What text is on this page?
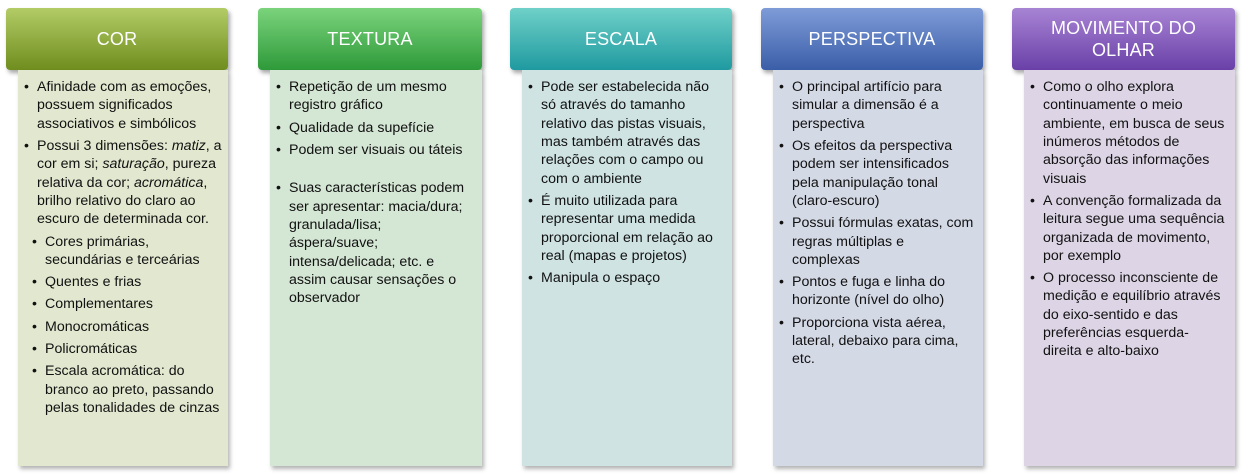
COR
• Afinidade com as emoções, possuem significados associativos e simbólicos
• Possui 3 dimensões: matiz, a cor em si; saturação, pureza relativa da cor; acromática, brilho relativo do claro ao escuro de determinada cor.
• Cores primárias, secundárias e terceárias
• Quentes e frias
• Complementares
• Monocromáticas
• Policromáticas
• Escala acromática: do branco ao preto, passando pelas tonalidades de cinzas
TEXTURA
• Repetição de um mesmo registro gráfico
• Qualidade da supefície
• Podem ser visuais ou táteis
• Suas características podem ser apresentar: macia/dura; granulada/lisa; áspera/suave; intensa/delicada; etc. e assim causar sensações o observador
ESCALA
• Pode ser estabelecida não só através do tamanho relativo das pistas visuais, mas também através das relações com o campo ou com o ambiente
• É muito utilizada para representar uma medida proporcional em relação ao real (mapas e projetos)
• Manipula o espaço
PERSPECTIVA
• O principal artifício para simular a dimensão é a perspectiva
• Os efeitos da perspectiva podem ser intensificados pela manipulação tonal (claro-escuro)
• Possui fórmulas exatas, com regras múltiplas e complexas
• Pontos e fuga e linha do horizonte (nível do olho)
• Proporciona vista aérea, lateral, debaixo para cima, etc.
MOVIMENTO DO OLHAR
• Como o olho explora continuamente o meio ambiente, em busca de seus inúmeros métodos de absorção das informações visuais
• A convenção formalizada da leitura segue uma sequência organizada de movimento, por exemplo
• O processo inconsciente de medição e equilíbrio através do eixo-sentido e das preferências esquerda-direita e alto-baixo
